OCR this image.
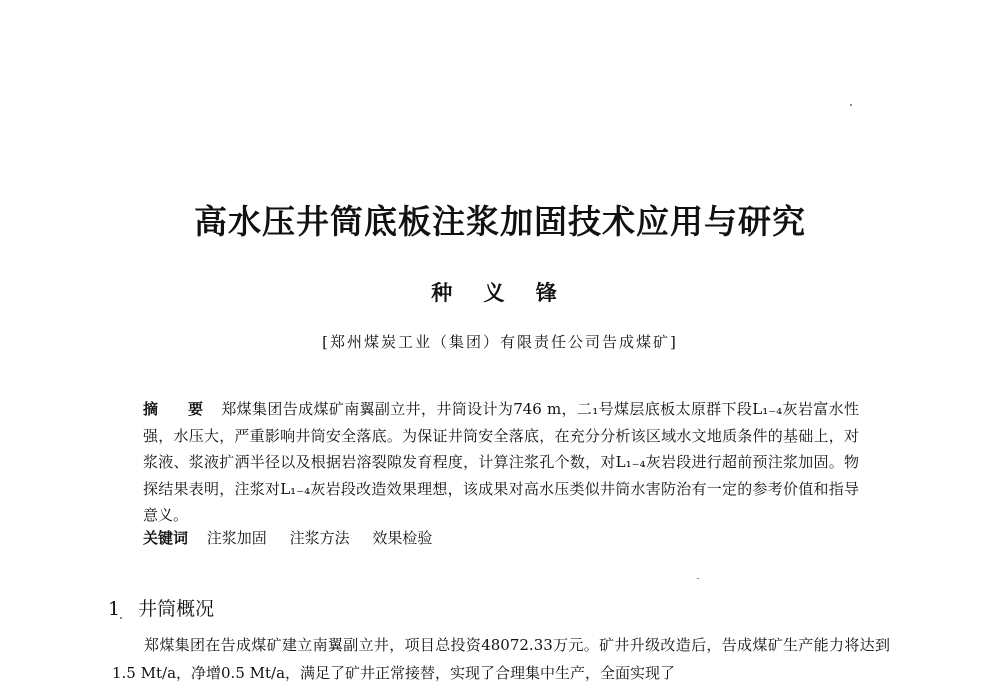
高水压井筒底板注浆加固技术应用与研究
种 义 锋
[郑州煤炭工业（集团）有限责任公司告成煤矿]
摘 要 郑煤集团告成煤矿南翼副立井，井筒设计为746 m，二₁号煤层底板太原群下段L₁₋₄灰岩富水性强，水压大，严重影响井筒安全落底。为保证井筒安全落底，在充分分析该区域水文地质条件的基础上，对浆液、浆液扩洒半径以及根据岩溶裂隙发育程度，计算注浆孔个数，对L₁₋₄灰岩段进行超前预注浆加固。物探结果表明，注浆对L₁₋₄灰岩段改造效果理想，该成果对高水压类似井筒水害防治有一定的参考价值和指导意义。
关键词 注浆加固 注浆方法 效果检验
1 井筒概况
郑煤集团在告成煤矿建立南翼副立井，项目总投资48072.33万元。矿井升级改造后，告成煤矿生产能力将达到1.5 Mt/a，净增0.5 Mt/a，满足了矿井正常接替，实现了合理集中生产，全面实现了
